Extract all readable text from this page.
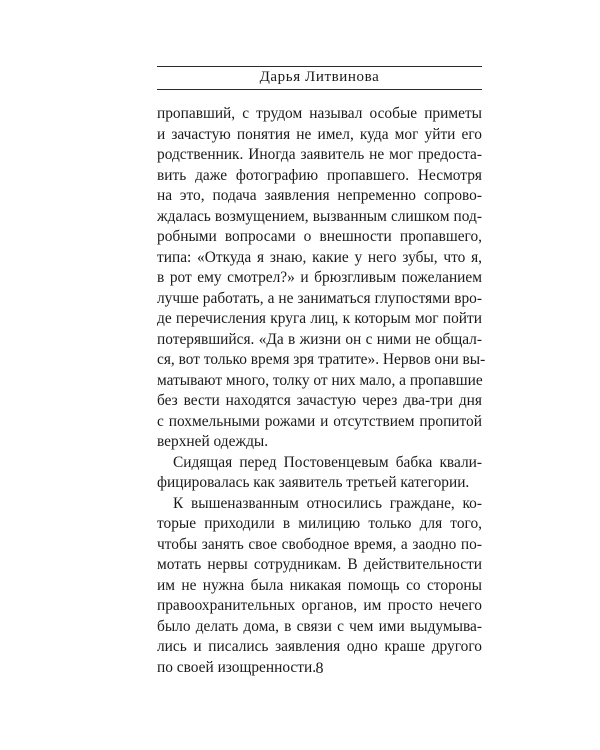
Дарья Литвинова
пропавший, с трудом называл особые приметы
и зачастую понятия не имел, куда мог уйти его
родственник. Иногда заявитель не мог предоста-
вить даже фотографию пропавшего. Несмотря
на это, подача заявления непременно сопрово-
ждалась возмущением, вызванным слишком под-
робными вопросами о внешности пропавшего,
типа: «Откуда я знаю, какие у него зубы, что я,
в рот ему смотрел?» и брюзгливым пожеланием
лучше работать, а не заниматься глупостями вро-
де перечисления круга лиц, к которым мог пойти
потерявшийся. «Да в жизни он с ними не общал-
ся, вот только время зря тратите». Нервов они вы-
матывают много, толку от них мало, а пропавшие
без вести находятся зачастую через два-три дня
с похмельными рожами и отсутствием пропитой
верхней одежды.
Сидящая перед Постовенцевым бабка квали-
фицировалась как заявитель третьей категории.
К вышеназванным относились граждане, ко-
торые приходили в милицию только для того,
чтобы занять свое свободное время, а заодно по-
мотать нервы сотрудникам. В действительности
им не нужна была никакая помощь со стороны
правоохранительных органов, им просто нечего
было делать дома, в связи с чем ими выдумыва-
лись и писались заявления одно краше другого
по своей изощренности. 8
